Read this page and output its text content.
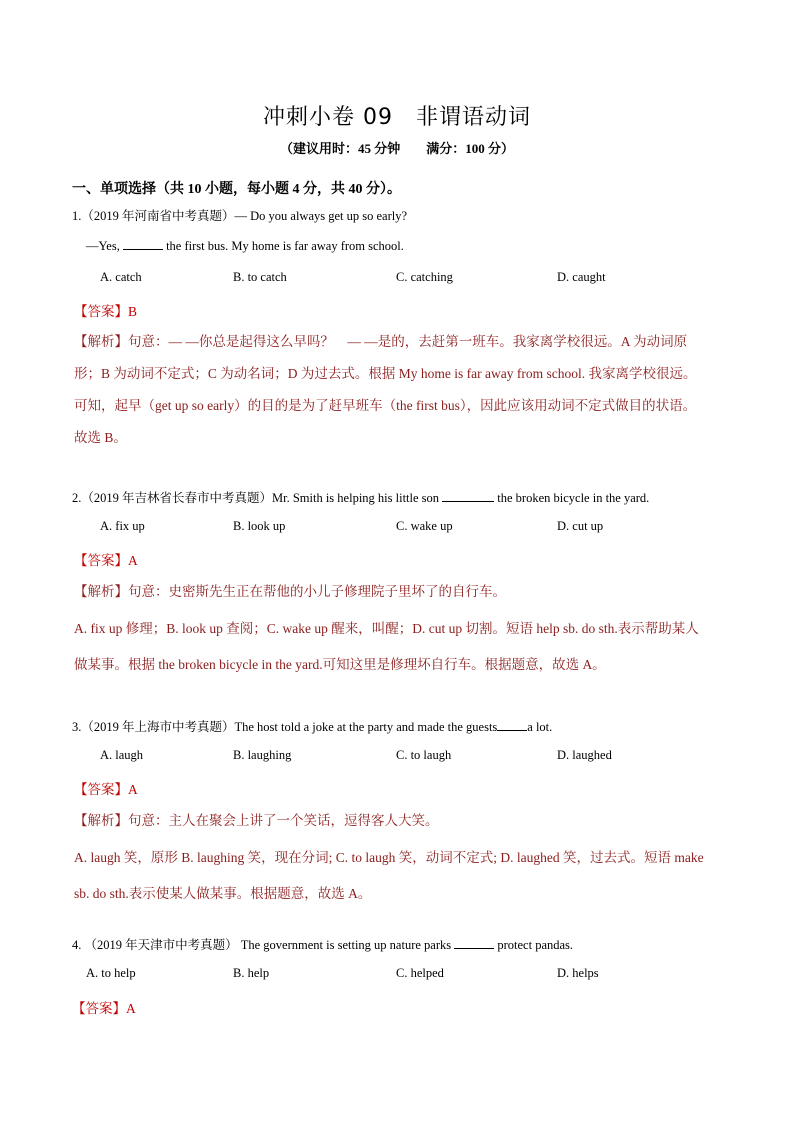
冲刺小卷 09　非谓语动词
（建议用时：45 分钟　　满分：100 分）
一、单项选择（共 10 小题，每小题 4 分，共 40 分）。
1.（2019 年河南省中考真题）— Do you always get up so early?
—Yes,	the first bus. My home is far away from school.
A. catch	B. to catch	C. catching	D. caught
【答案】B
【解析】句意：— —你总是起得这么早吗？　— —是的，去赶第一班车。我家离学校很远。A 为动词原
形；B 为动词不定式；C 为动名词；D 为过去式。根据 My home is far away from school. 我家离学校很远。
可知，起早（get up so early）的目的是为了赶早班车（the first bus），因此应该用动词不定式做目的状语。
故选 B。
2.（2019 年吉林省长春市中考真题）Mr. Smith is helping his little son	the broken bicycle in the yard.
A. fix up	B. look up	C. wake up	D. cut up
【答案】A
【解析】句意：史密斯先生正在帮他的小儿子修理院子里坏了的自行车。
A. fix up 修理；B. look up 查阅；C. wake up 醒来，叫醒；D. cut up 切割。短语 help sb. do sth.表示帮助某人
做某事。根据 the broken bicycle in the yard.可知这里是修理坏自行车。根据题意，故选 A。
3.（2019 年上海市中考真题）The host told a joke at the party and made the guests a lot.
A. laugh	B. laughing	C. to laugh	D. laughed
【答案】A
【解析】句意：主人在聚会上讲了一个笑话，逗得客人大笑。
A. laugh 笑，原形 B. laughing 笑，现在分词; C. to laugh 笑，动词不定式; D. laughed 笑，过去式。短语 make
sb. do sth.表示使某人做某事。根据题意，故选 A。
4. （2019 年天津市中考真题） The government is setting up nature parks	protect pandas.
A. to help	B. help	C. helped	D. helps
【答案】A
